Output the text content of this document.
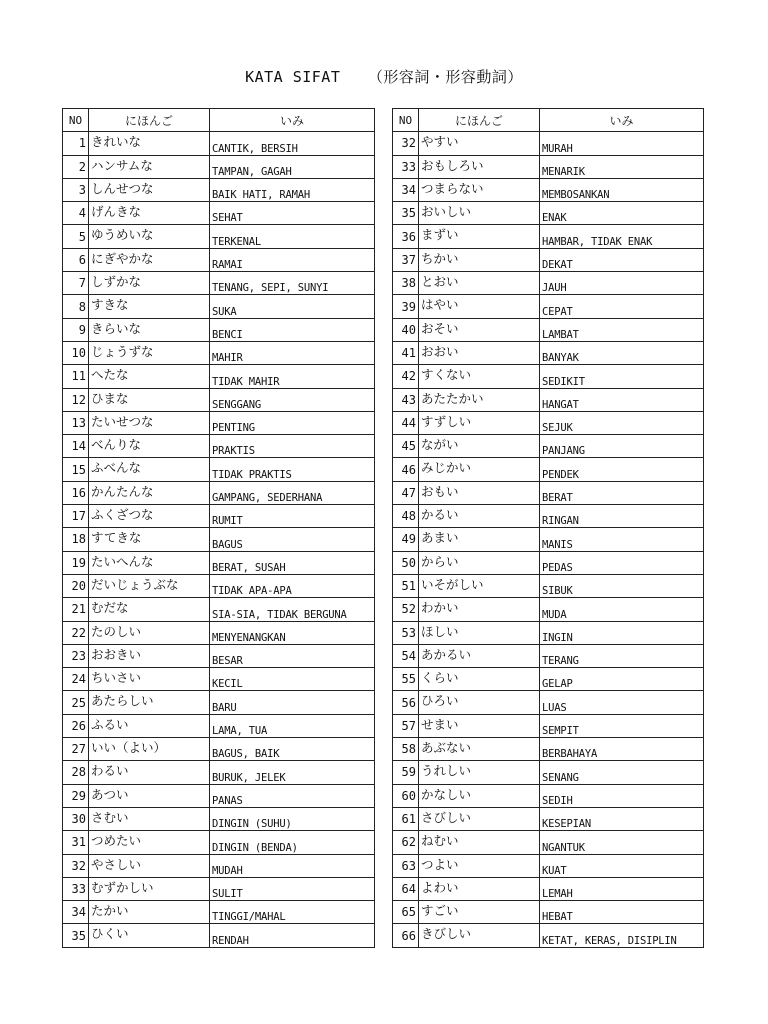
KATA SIFAT （形容詞・形容動詞）
NO	にほんご	いみ
1	きれいな	CANTIK, BERSIH
2	ハンサムな	TAMPAN, GAGAH
3	しんせつな	BAIK HATI, RAMAH
4	げんきな	SEHAT
5	ゆうめいな	TERKENAL
6	にぎやかな	RAMAI
7	しずかな	TENANG, SEPI, SUNYI
8	すきな	SUKA
9	きらいな	BENCI
10	じょうずな	MAHIR
11	へたな	TIDAK MAHIR
12	ひまな	SENGGANG
13	たいせつな	PENTING
14	べんりな	PRAKTIS
15	ふべんな	TIDAK PRAKTIS
16	かんたんな	GAMPANG, SEDERHANA
17	ふくざつな	RUMIT
18	すてきな	BAGUS
19	たいへんな	BERAT, SUSAH
20	だいじょうぶな	TIDAK APA-APA
21	むだな	SIA-SIA, TIDAK BERGUNA
22	たのしい	MENYENANGKAN
23	おおきい	BESAR
24	ちいさい	KECIL
25	あたらしい	BARU
26	ふるい	LAMA, TUA
27	いい（よい）	BAGUS, BAIK
28	わるい	BURUK, JELEK
29	あつい	PANAS
30	さむい	DINGIN (SUHU)
31	つめたい	DINGIN (BENDA)
32	やさしい	MUDAH
33	むずかしい	SULIT
34	たかい	TINGGI/MAHAL
35	ひくい	RENDAH
NO	にほんご	いみ
32	やすい	MURAH
33	おもしろい	MENARIK
34	つまらない	MEMBOSANKAN
35	おいしい	ENAK
36	まずい	HAMBAR, TIDAK ENAK
37	ちかい	DEKAT
38	とおい	JAUH
39	はやい	CEPAT
40	おそい	LAMBAT
41	おおい	BANYAK
42	すくない	SEDIKIT
43	あたたかい	HANGAT
44	すずしい	SEJUK
45	ながい	PANJANG
46	みじかい	PENDEK
47	おもい	BERAT
48	かるい	RINGAN
49	あまい	MANIS
50	からい	PEDAS
51	いそがしい	SIBUK
52	わかい	MUDA
53	ほしい	INGIN
54	あかるい	TERANG
55	くらい	GELAP
56	ひろい	LUAS
57	せまい	SEMPIT
58	あぶない	BERBAHAYA
59	うれしい	SENANG
60	かなしい	SEDIH
61	さびしい	KESEPIAN
62	ねむい	NGANTUK
63	つよい	KUAT
64	よわい	LEMAH
65	すごい	HEBAT
66	きびしい	KETAT, KERAS, DISIPLIN
